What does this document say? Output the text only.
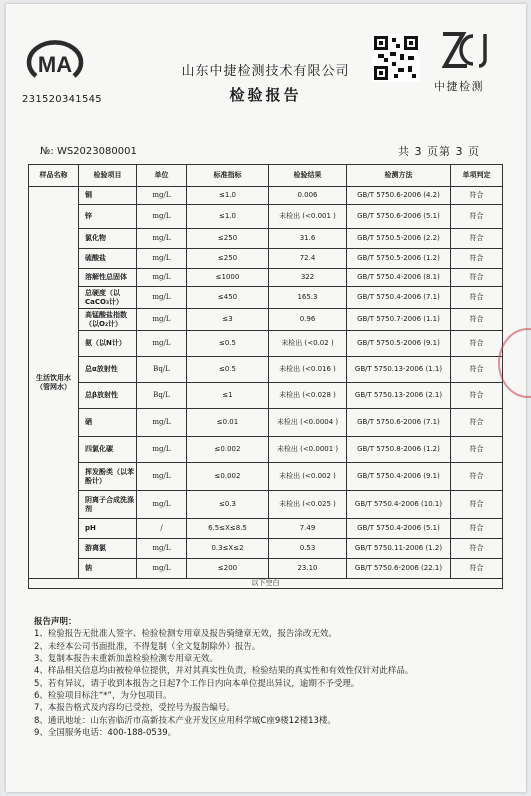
MA
231520341545
山东中捷检测技术有限公司
检验报告	中捷检测
№: WS2023080001	共 3 页第 3 页
样品名称	检验项目	单位	标准指标	检验结果	检测方法	单项判定
生活饮用水（管网水）	铜	mg/L	≤1.0	0.006	GB/T 5750.6-2006 (4.2)	符合
	锌	mg/L	≤1.0	未检出 (<0.001 )	GB/T 5750.6-2006 (5.1)	符合
	氯化物	mg/L	≤250	31.6	GB/T 5750.5-2006 (2.2)	符合
	硫酸盐	mg/L	≤250	72.4	GB/T 5750.5-2006 (1.2)	符合
	溶解性总固体	mg/L	≤1000	322	GB/T 5750.4-2006 (8.1)	符合
	总硬度（以CaCO₃计）	mg/L	≤450	165.3	GB/T 5750.4-2006 (7.1)	符合
	高锰酸盐指数（以O₂计）	mg/L	≤3	0.96	GB/T 5750.7-2006 (1.1)	符合
	氨（以N计）	mg/L	≤0.5	未检出 (<0.02 )	GB/T 5750.5-2006 (9.1)	符合
	总α放射性	Bq/L	≤0.5	未检出 (<0.016 )	GB/T 5750.13-2006 (1.1)	符合
	总β放射性	Bq/L	≤1	未检出 (<0.028 )	GB/T 5750.13-2006 (2.1)	符合
	硒	mg/L	≤0.01	未检出 (<0.0004 )	GB/T 5750.6-2006 (7.1)	符合
	四氯化碳	mg/L	≤0.002	未检出 (<0.0001 )	GB/T 5750.8-2006 (1.2)	符合
	挥发酚类（以苯酚计）	mg/L	≤0.002	未检出 (<0.002 )	GB/T 5750.4-2006 (9.1)	符合
	阴离子合成洗涤剂	mg/L	≤0.3	未检出 (<0.025 )	GB/T 5750.4-2006 (10.1)	符合
	pH	/	6.5≤X≤8.5	7.49	GB/T 5750.4-2006 (5.1)	符合
	游离氯	mg/L	0.3≤X≤2	0.53	GB/T 5750.11-2006 (1.2)	符合
	钠	mg/L	≤200	23.10	GB/T 5750.6-2006 (22.1)	符合
以下空白						
报告声明：
1、检验报告无批准人签字、检验检测专用章及报告骑缝章无效，报告涂改无效。
2、未经本公司书面批准，不得复制（全文复制除外）报告。
3、复制本报告未重新加盖检验检测专用章无效。
4、样品相关信息均由被检单位提供，并对其真实性负责，检验结果的真实性和有效性仅针对此样品。
5、若有异议，请于收到本报告之日起7个工作日内向本单位提出异议，逾期不予受理。
6、检验项目标注“*”，为分包项目。
7、本报告格式及内容均已受控，受控号为报告编号。
8、通讯地址：山东省临沂市高新技术产业开发区应用科学城C座9楼12楼13楼。
9、全国服务电话：400-188-0539。
